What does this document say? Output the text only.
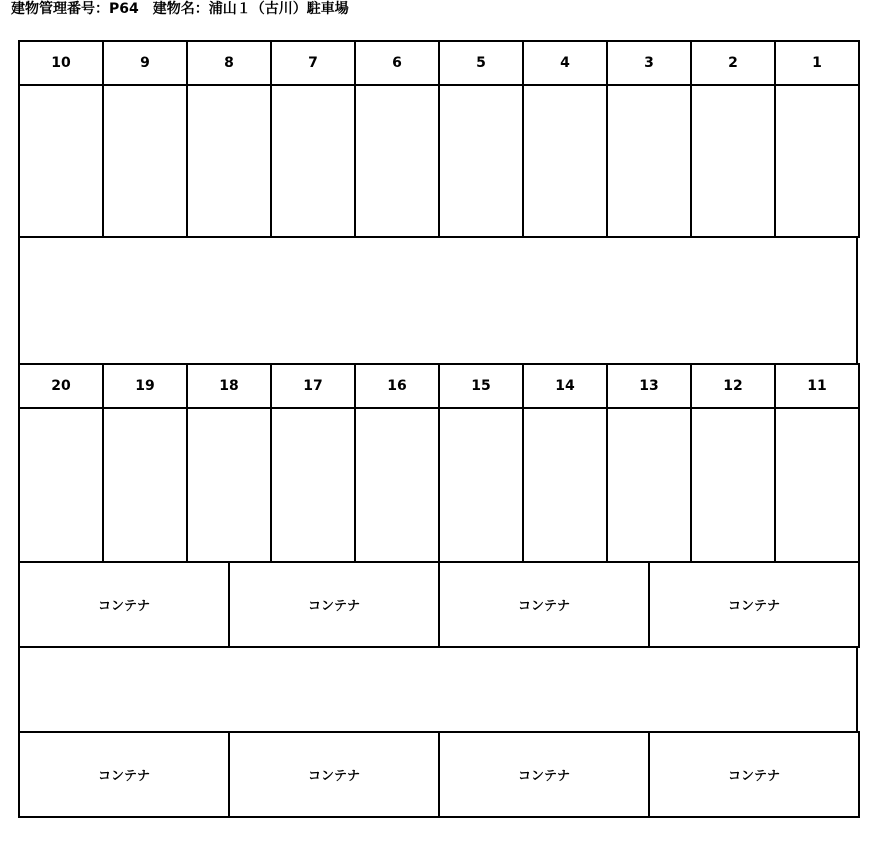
建物管理番号：P64　建物名：浦山１（古川）駐車場
10	9	8	7	6	5	4	3	2	1
20	19	18	17	16	15	14	13	12	11
コンテナ	コンテナ	コンテナ	コンテナ
コンテナ	コンテナ	コンテナ	コンテナ
